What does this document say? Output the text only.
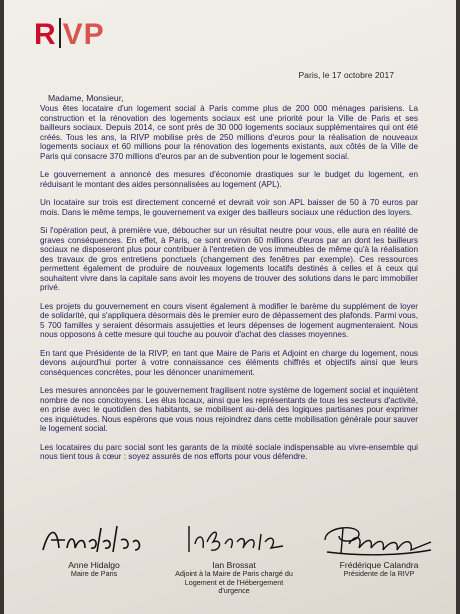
R VP
Paris, le 17 octobre 2017
Madame, Monsieur,

Vous êtes locataire d'un logement social à Paris comme plus de 200 000 ménages parisiens. La construction et la rénovation des logements sociaux est une priorité pour la Ville de Paris et ses bailleurs sociaux. Depuis 2014, ce sont près de 30 000 logements sociaux supplémentaires qui ont été créés. Tous les ans, la RIVP mobilise près de 250 millions d'euros pour la réalisation de nouveaux logements sociaux et 60 millions pour la rénovation des logements existants, aux côtés de la Ville de Paris qui consacre 370 millions d'euros par an de subvention pour le logement social.

Le gouvernement a annoncé des mesures d'économie drastiques sur le budget du logement, en réduisant le montant des aides personnalisées au logement (APL).

Un locataire sur trois est directement concerné et devrait voir son APL baisser de 50 à 70 euros par mois. Dans le même temps, le gouvernement va exiger des bailleurs sociaux une réduction des loyers.

Si l'opération peut, à première vue, déboucher sur un résultat neutre pour vous, elle aura en réalité de graves conséquences. En effet, à Paris, ce sont environ 60 millions d'euros par an dont les bailleurs sociaux ne disposeront plus pour contribuer à l'entretien de vos immeubles de même qu'à la réalisation des travaux de gros entretiens ponctuels (changement des fenêtres par exemple). Ces ressources permettent également de produire de nouveaux logements locatifs destinés à celles et à ceux qui souhaitent vivre dans la capitale sans avoir les moyens de trouver des solutions dans le parc immobilier privé.

Les projets du gouvernement en cours visent également à modifier le barème du supplément de loyer de solidarité, qui s'appliquera désormais dès le premier euro de dépassement des plafonds. Parmi vous, 5 700 familles y seraient désormais assujetties et leurs dépenses de logement augmenteraient. Nous nous opposons à cette mesure qui touche au pouvoir d'achat des classes moyennes.

En tant que Présidente de la RIVP, en tant que Maire de Paris et Adjoint en charge du logement, nous devons aujourd'hui porter à votre connaissance ces éléments chiffrés et objectifs ainsi que leurs conséquences concrètes, pour les dénoncer unanimement.

Les mesures annoncées par le gouvernement fragilisent notre système de logement social et inquiètent nombre de nos concitoyens. Les élus locaux, ainsi que les représentants de tous les secteurs d'activité, en prise avec le quotidien des habitants, se mobilisent au-delà des logiques partisanes pour exprimer ces inquiétudes. Nous espérons que vous nous rejoindrez dans cette mobilisation générale pour sauver le logement social.

Les locataires du parc social sont les garants de la mixité sociale indispensable au vivre-ensemble qui nous tient tous à cœur : soyez assurés de nos efforts pour vous défendre.

Anne Hidalgo
Maire de Paris
Ian Brossat
Adjoint à la Maire de Paris chargé du Logement et de l'Hébergement d'urgence
Frédérique Calandra
Présidente de la RIVP
